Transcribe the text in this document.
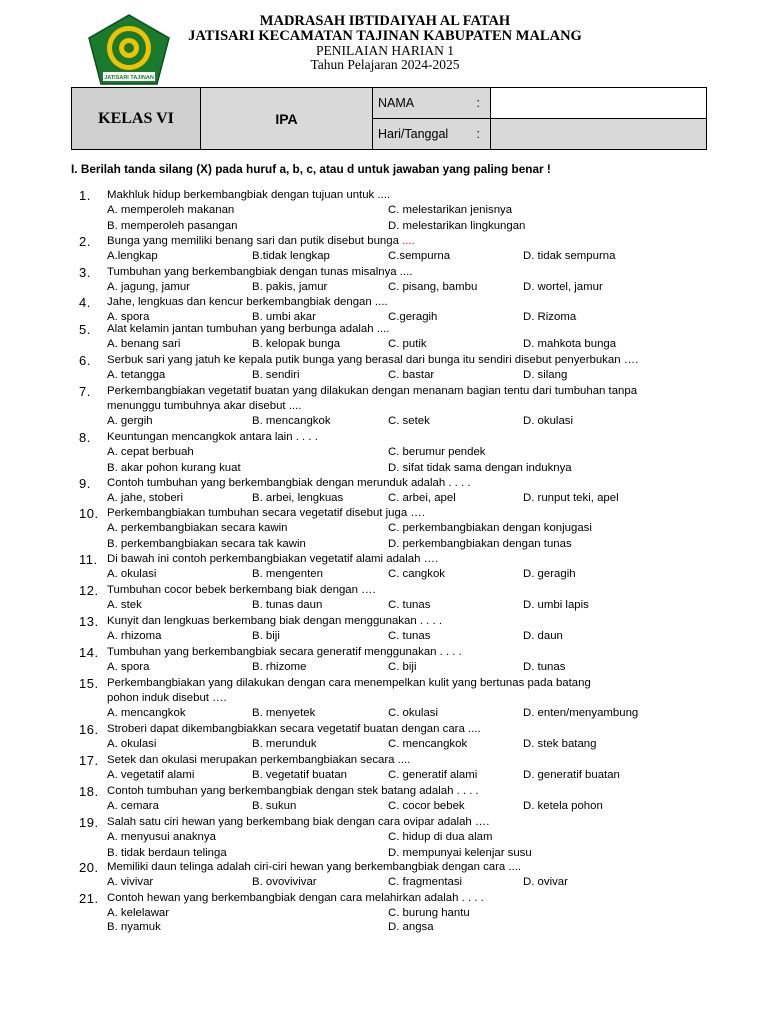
JATISARI TAJINAN
MADRASAH IBTIDAIYAH AL FATAH
JATISARI KECAMATAN TAJINAN KABUPATEN MALANG
PENILAIAN HARIAN 1
Tahun Pelajaran 2024-2025
KELAS VI	IPA	NAMA :	

		Hari/Tanggal :	

I. Berilah tanda silang (X) pada huruf a, b, c, atau d untuk jawaban yang paling benar !
1.	Makhluk hidup berkembangbiak dengan tujuan untuk ....
A. memperoleh makanan
B. memperoleh pasangan
C. melestarikan jenisnya
D. melestarikan lingkungan
2.	Bunga yang memiliki benang sari dan putik disebut bunga ....
A.lengkap	B.tidak lengkap	C.sempurna	D. tidak sempurna
3.	Tumbuhan yang berkembangbiak dengan tunas misalnya ....
A. jagung, jamur	B. pakis, jamur	C. pisang, bambu	D. wortel, jamur
4.	Jahe, lengkuas dan kencur berkembangbiak dengan ....
A. spora	B. umbi akar	C.geragih	D. Rizoma
5.	Alat kelamin jantan tumbuhan yang berbunga adalah ....
A. benang sari	B. kelopak bunga	C. putik	D. mahkota bunga
6.	Serbuk sari yang jatuh ke kepala putik bunga yang berasal dari bunga itu sendiri disebut penyerbukan ….
A. tetangga	B. sendiri	C. bastar	D. silang
7.	Perkembangbiakan vegetatif buatan yang dilakukan dengan menanam bagian tentu dari tumbuhan tanpa
menunggu tumbuhnya akar disebut ....
A. gergih	B. mencangkok	C. setek	D. okulasi
8.	Keuntungan mencangkok antara lain . . . .
A. cepat berbuah
B. akar pohon kurang kuat
C. berumur pendek
D. sifat tidak sama dengan induknya
9.	Contoh tumbuhan yang berkembangbiak dengan merunduk adalah . . . .
A. jahe, stoberi	B. arbei, lengkuas	C. arbei, apel	D. runput teki, apel
10. Perkembangbiakan tumbuhan secara vegetatif disebut juga ….
A. perkembangbiakan secara kawin
B. perkembangbiakan secara tak kawin
C. perkembangbiakan dengan konjugasi
D. perkembangbiakan dengan tunas
11. Di bawah ini contoh perkembangbiakan vegetatif alami adalah ….
A. okulasi	B. mengenten	C. cangkok	D. geragih
12. Tumbuhan cocor bebek berkembang biak dengan ….
A. stek	B. tunas daun	C. tunas	D. umbi lapis
13. Kunyit dan lengkuas berkembang biak dengan menggunakan . . . .
A. rhizoma	B. biji	C. tunas	D. daun
14. Tumbuhan yang berkembangbiak secara generatif menggunakan . . . .
A. spora	B. rhizome	C. biji	D. tunas
15. Perkembangbiakan yang dilakukan dengan cara menempelkan kulit yang bertunas pada batang
pohon induk disebut ….
A. mencangkok	B. menyetek	C. okulasi	D. enten/menyambung
16. Stroberi dapat dikembangbiakkan secara vegetatif buatan dengan cara ....
A. okulasi	B. merunduk	C. mencangkok	D. stek batang
17. Setek dan okulasi merupakan perkembangbiakan secara ....
A. vegetatif alami	B. vegetatif buatan	C. generatif alami	D. generatif buatan
18. Contoh tumbuhan yang berkembangbiak dengan stek batang adalah . . . .
A. cemara	B. sukun	C. cocor bebek	D. ketela pohon
19. Salah satu ciri hewan yang berkembang biak dengan cara ovipar adalah ….
A. menyusui anaknya
B. tidak berdaun telinga
C. hidup di dua alam
D. mempunyai kelenjar susu
20. Memiliki daun telinga adalah ciri-ciri hewan yang berkembangbiak dengan cara ....
A. vivivar	B. ovovivivar	C. fragmentasi	D. ovivar
21. Contoh hewan yang berkembangbiak dengan cara melahirkan adalah . . . .
A. kelelawar
B. nyamuk
C. burung hantu
D. angsa
